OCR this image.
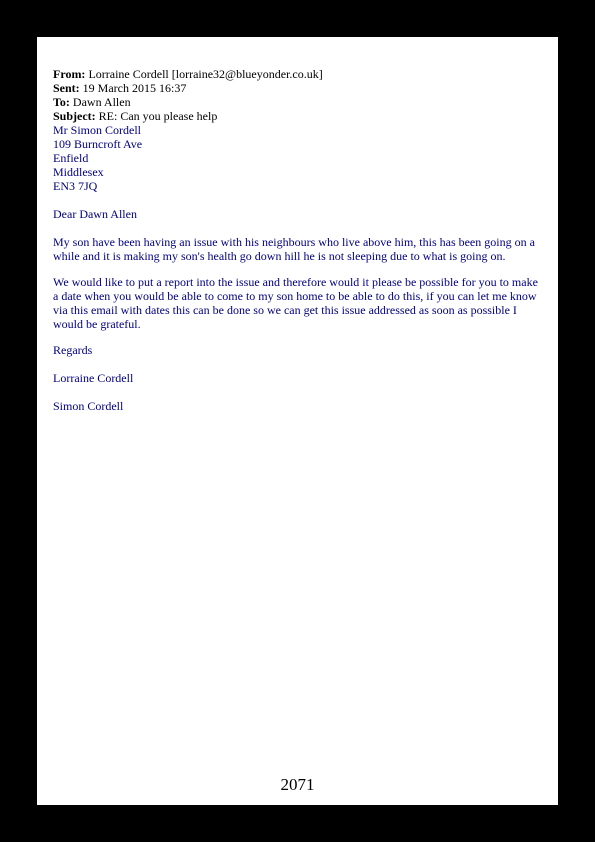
From: Lorraine Cordell [lorraine32@blueyonder.co.uk]
Sent: 19 March 2015 16:37
To: Dawn Allen
Subject: RE: Can you please help
Mr Simon Cordell
109 Burncroft Ave
Enfield
Middlesex
EN3 7JQ

Dear Dawn Allen

My son have been having an issue with his neighbours who live above him, this has been going on a while and it is making my son's health go down hill he is not sleeping due to what is going on.

We would like to put a report into the issue and therefore would it please be possible for you to make a date when you would be able to come to my son home to be able to do this, if you can let me know via this email with dates this can be done so we can get this issue addressed as soon as possible I would be grateful.

Regards

Lorraine Cordell

Simon Cordell

2071
